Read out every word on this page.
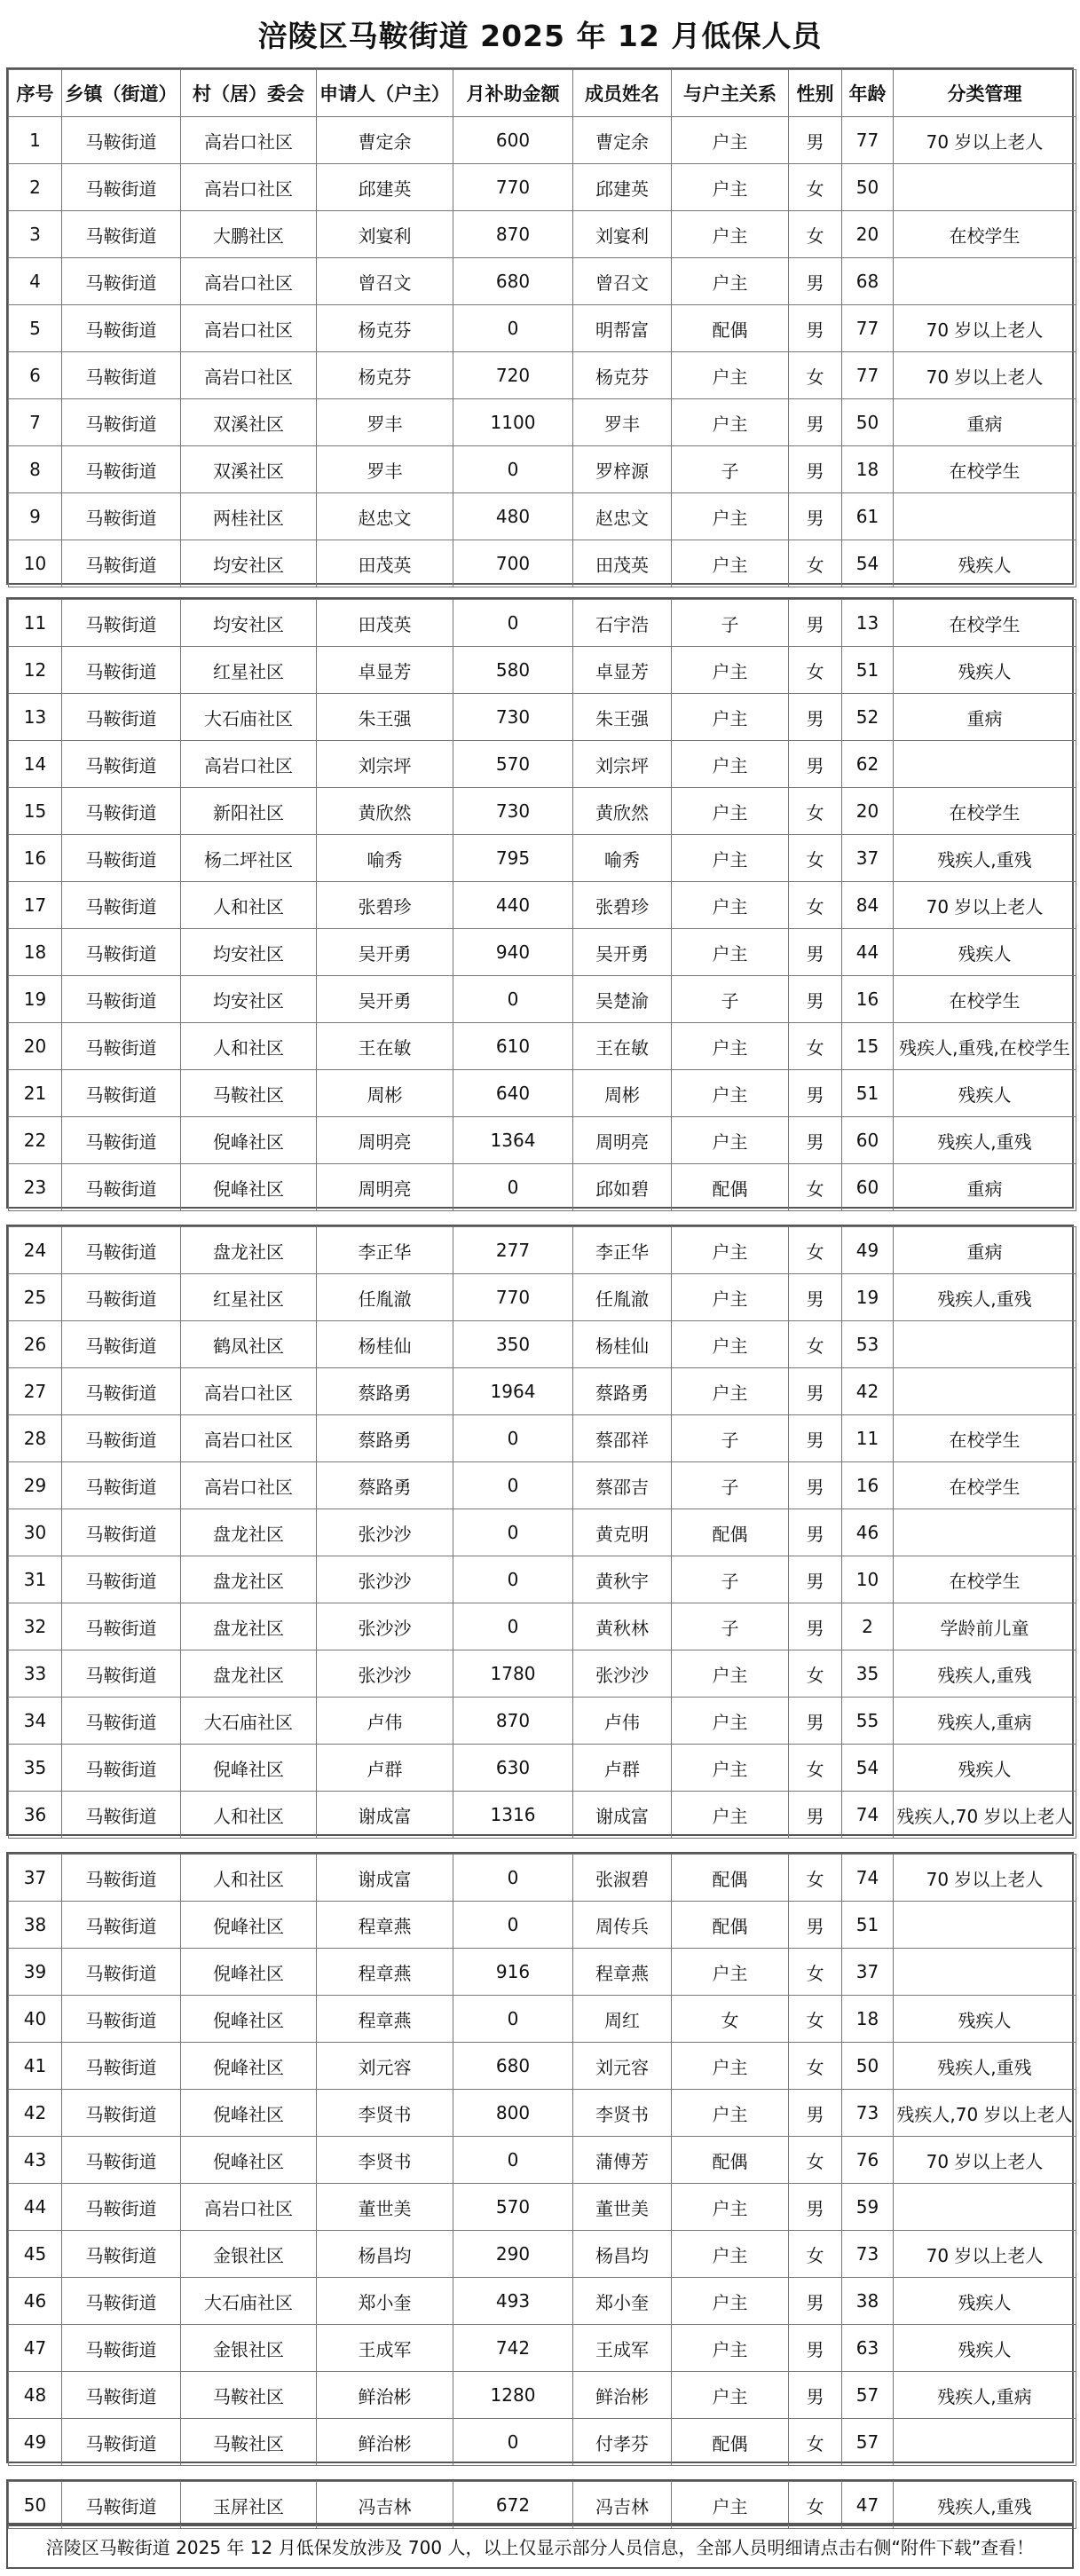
涪陵区马鞍街道 2025 年 12 月低保人员
序号	乡镇（街道）	村（居）委会	申请人（户主）	月补助金额	成员姓名	与户主关系	性别	年龄	分类管理
1	马鞍街道	高岩口社区	曹定余	600	曹定余	户主	男	77	70 岁以上老人
2	马鞍街道	高岩口社区	邱建英	770	邱建英	户主	女	50	
3	马鞍街道	大鹏社区	刘宴利	870	刘宴利	户主	女	20	在校学生
4	马鞍街道	高岩口社区	曾召文	680	曾召文	户主	男	68	
5	马鞍街道	高岩口社区	杨克芬	0	明帮富	配偶	男	77	70 岁以上老人
6	马鞍街道	高岩口社区	杨克芬	720	杨克芬	户主	女	77	70 岁以上老人
7	马鞍街道	双溪社区	罗丰	1100	罗丰	户主	男	50	重病
8	马鞍街道	双溪社区	罗丰	0	罗梓源	子	男	18	在校学生
9	马鞍街道	两桂社区	赵忠文	480	赵忠文	户主	男	61	
10	马鞍街道	均安社区	田茂英	700	田茂英	户主	女	54	残疾人
11	马鞍街道	均安社区	田茂英	0	石宇浩	子	男	13	在校学生
12	马鞍街道	红星社区	卓显芳	580	卓显芳	户主	女	51	残疾人
13	马鞍街道	大石庙社区	朱王强	730	朱王强	户主	男	52	重病
14	马鞍街道	高岩口社区	刘宗坪	570	刘宗坪	户主	男	62	
15	马鞍街道	新阳社区	黄欣然	730	黄欣然	户主	女	20	在校学生
16	马鞍街道	杨二坪社区	喻秀	795	喻秀	户主	女	37	残疾人,重残
17	马鞍街道	人和社区	张碧珍	440	张碧珍	户主	女	84	70 岁以上老人
18	马鞍街道	均安社区	吴开勇	940	吴开勇	户主	男	44	残疾人
19	马鞍街道	均安社区	吴开勇	0	吴楚渝	子	男	16	在校学生
20	马鞍街道	人和社区	王在敏	610	王在敏	户主	女	15	残疾人,重残,在校学生
21	马鞍街道	马鞍社区	周彬	640	周彬	户主	男	51	残疾人
22	马鞍街道	倪峰社区	周明亮	1364	周明亮	户主	男	60	残疾人,重残
23	马鞍街道	倪峰社区	周明亮	0	邱如碧	配偶	女	60	重病
24	马鞍街道	盘龙社区	李正华	277	李正华	户主	女	49	重病
25	马鞍街道	红星社区	任胤澈	770	任胤澈	户主	男	19	残疾人,重残
26	马鞍街道	鹤凤社区	杨桂仙	350	杨桂仙	户主	女	53	
27	马鞍街道	高岩口社区	蔡路勇	1964	蔡路勇	户主	男	42	
28	马鞍街道	高岩口社区	蔡路勇	0	蔡邵祥	子	男	11	在校学生
29	马鞍街道	高岩口社区	蔡路勇	0	蔡邵吉	子	男	16	在校学生
30	马鞍街道	盘龙社区	张沙沙	0	黄克明	配偶	男	46	
31	马鞍街道	盘龙社区	张沙沙	0	黄秋宇	子	男	10	在校学生
32	马鞍街道	盘龙社区	张沙沙	0	黄秋林	子	男	2	学龄前儿童
33	马鞍街道	盘龙社区	张沙沙	1780	张沙沙	户主	女	35	残疾人,重残
34	马鞍街道	大石庙社区	卢伟	870	卢伟	户主	男	55	残疾人,重病
35	马鞍街道	倪峰社区	卢群	630	卢群	户主	女	54	残疾人
36	马鞍街道	人和社区	谢成富	1316	谢成富	户主	男	74	残疾人,70 岁以上老人
37	马鞍街道	人和社区	谢成富	0	张淑碧	配偶	女	74	70 岁以上老人
38	马鞍街道	倪峰社区	程章燕	0	周传兵	配偶	男	51	
39	马鞍街道	倪峰社区	程章燕	916	程章燕	户主	女	37	
40	马鞍街道	倪峰社区	程章燕	0	周红	女	女	18	残疾人
41	马鞍街道	倪峰社区	刘元容	680	刘元容	户主	女	50	残疾人,重残
42	马鞍街道	倪峰社区	李贤书	800	李贤书	户主	男	73	残疾人,70 岁以上老人
43	马鞍街道	倪峰社区	李贤书	0	蒲傅芳	配偶	女	76	70 岁以上老人
44	马鞍街道	高岩口社区	董世美	570	董世美	户主	男	59	
45	马鞍街道	金银社区	杨昌均	290	杨昌均	户主	女	73	70 岁以上老人
46	马鞍街道	大石庙社区	郑小奎	493	郑小奎	户主	男	38	残疾人
47	马鞍街道	金银社区	王成军	742	王成军	户主	男	63	残疾人
48	马鞍街道	马鞍社区	鲜治彬	1280	鲜治彬	户主	男	57	残疾人,重病
49	马鞍街道	马鞍社区	鲜治彬	0	付孝芬	配偶	女	57	
50	马鞍街道	玉屏社区	冯吉林	672	冯吉林	户主	女	47	残疾人,重残
涪陵区马鞍街道 2025 年 12 月低保发放涉及 700 人，以上仅显示部分人员信息，全部人员明细请点击右侧“附件下载”查看！
